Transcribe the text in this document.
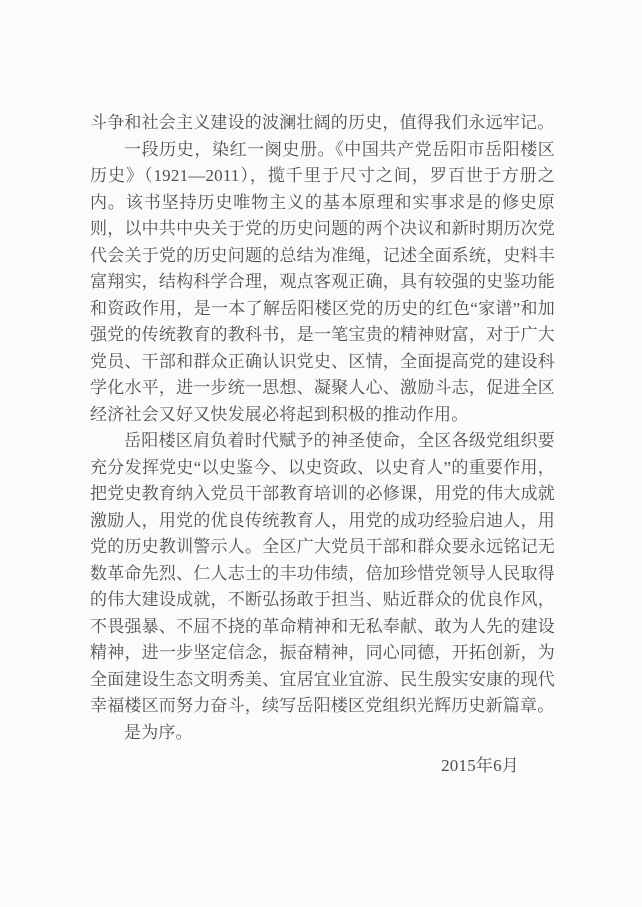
斗争和社会主义建设的波澜壮阔的历史，值得我们永远牢记。

一段历史，染红一阕史册。《中国共产党岳阳市岳阳楼区历史》（1921—2011），揽千里于尺寸之间，罗百世于方册之内。该书坚持历史唯物主义的基本原理和实事求是的修史原则，以中共中央关于党的历史问题的两个决议和新时期历次党代会关于党的历史问题的总结为准绳，记述全面系统，史料丰富翔实，结构科学合理，观点客观正确，具有较强的史鉴功能和资政作用，是一本了解岳阳楼区党的历史的红色“家谱”和加强党的传统教育的教科书，是一笔宝贵的精神财富，对于广大党员、干部和群众正确认识党史、区情，全面提高党的建设科学化水平，进一步统一思想、凝聚人心、激励斗志，促进全区经济社会又好又快发展必将起到积极的推动作用。

岳阳楼区肩负着时代赋予的神圣使命，全区各级党组织要充分发挥党史“以史鉴今、以史资政、以史育人”的重要作用，把党史教育纳入党员干部教育培训的必修课，用党的伟大成就激励人，用党的优良传统教育人，用党的成功经验启迪人，用党的历史教训警示人。全区广大党员干部和群众要永远铭记无数革命先烈、仁人志士的丰功伟绩，倍加珍惜党领导人民取得的伟大建设成就，不断弘扬敢于担当、贴近群众的优良作风，不畏强暴、不屈不挠的革命精神和无私奉献、敢为人先的建设精神，进一步坚定信念，振奋精神，同心同德，开拓创新，为全面建设生态文明秀美、宜居宜业宜游、民生殷实安康的现代幸福楼区而努力奋斗，续写岳阳楼区党组织光辉历史新篇章。

是为序。

2015年6月
